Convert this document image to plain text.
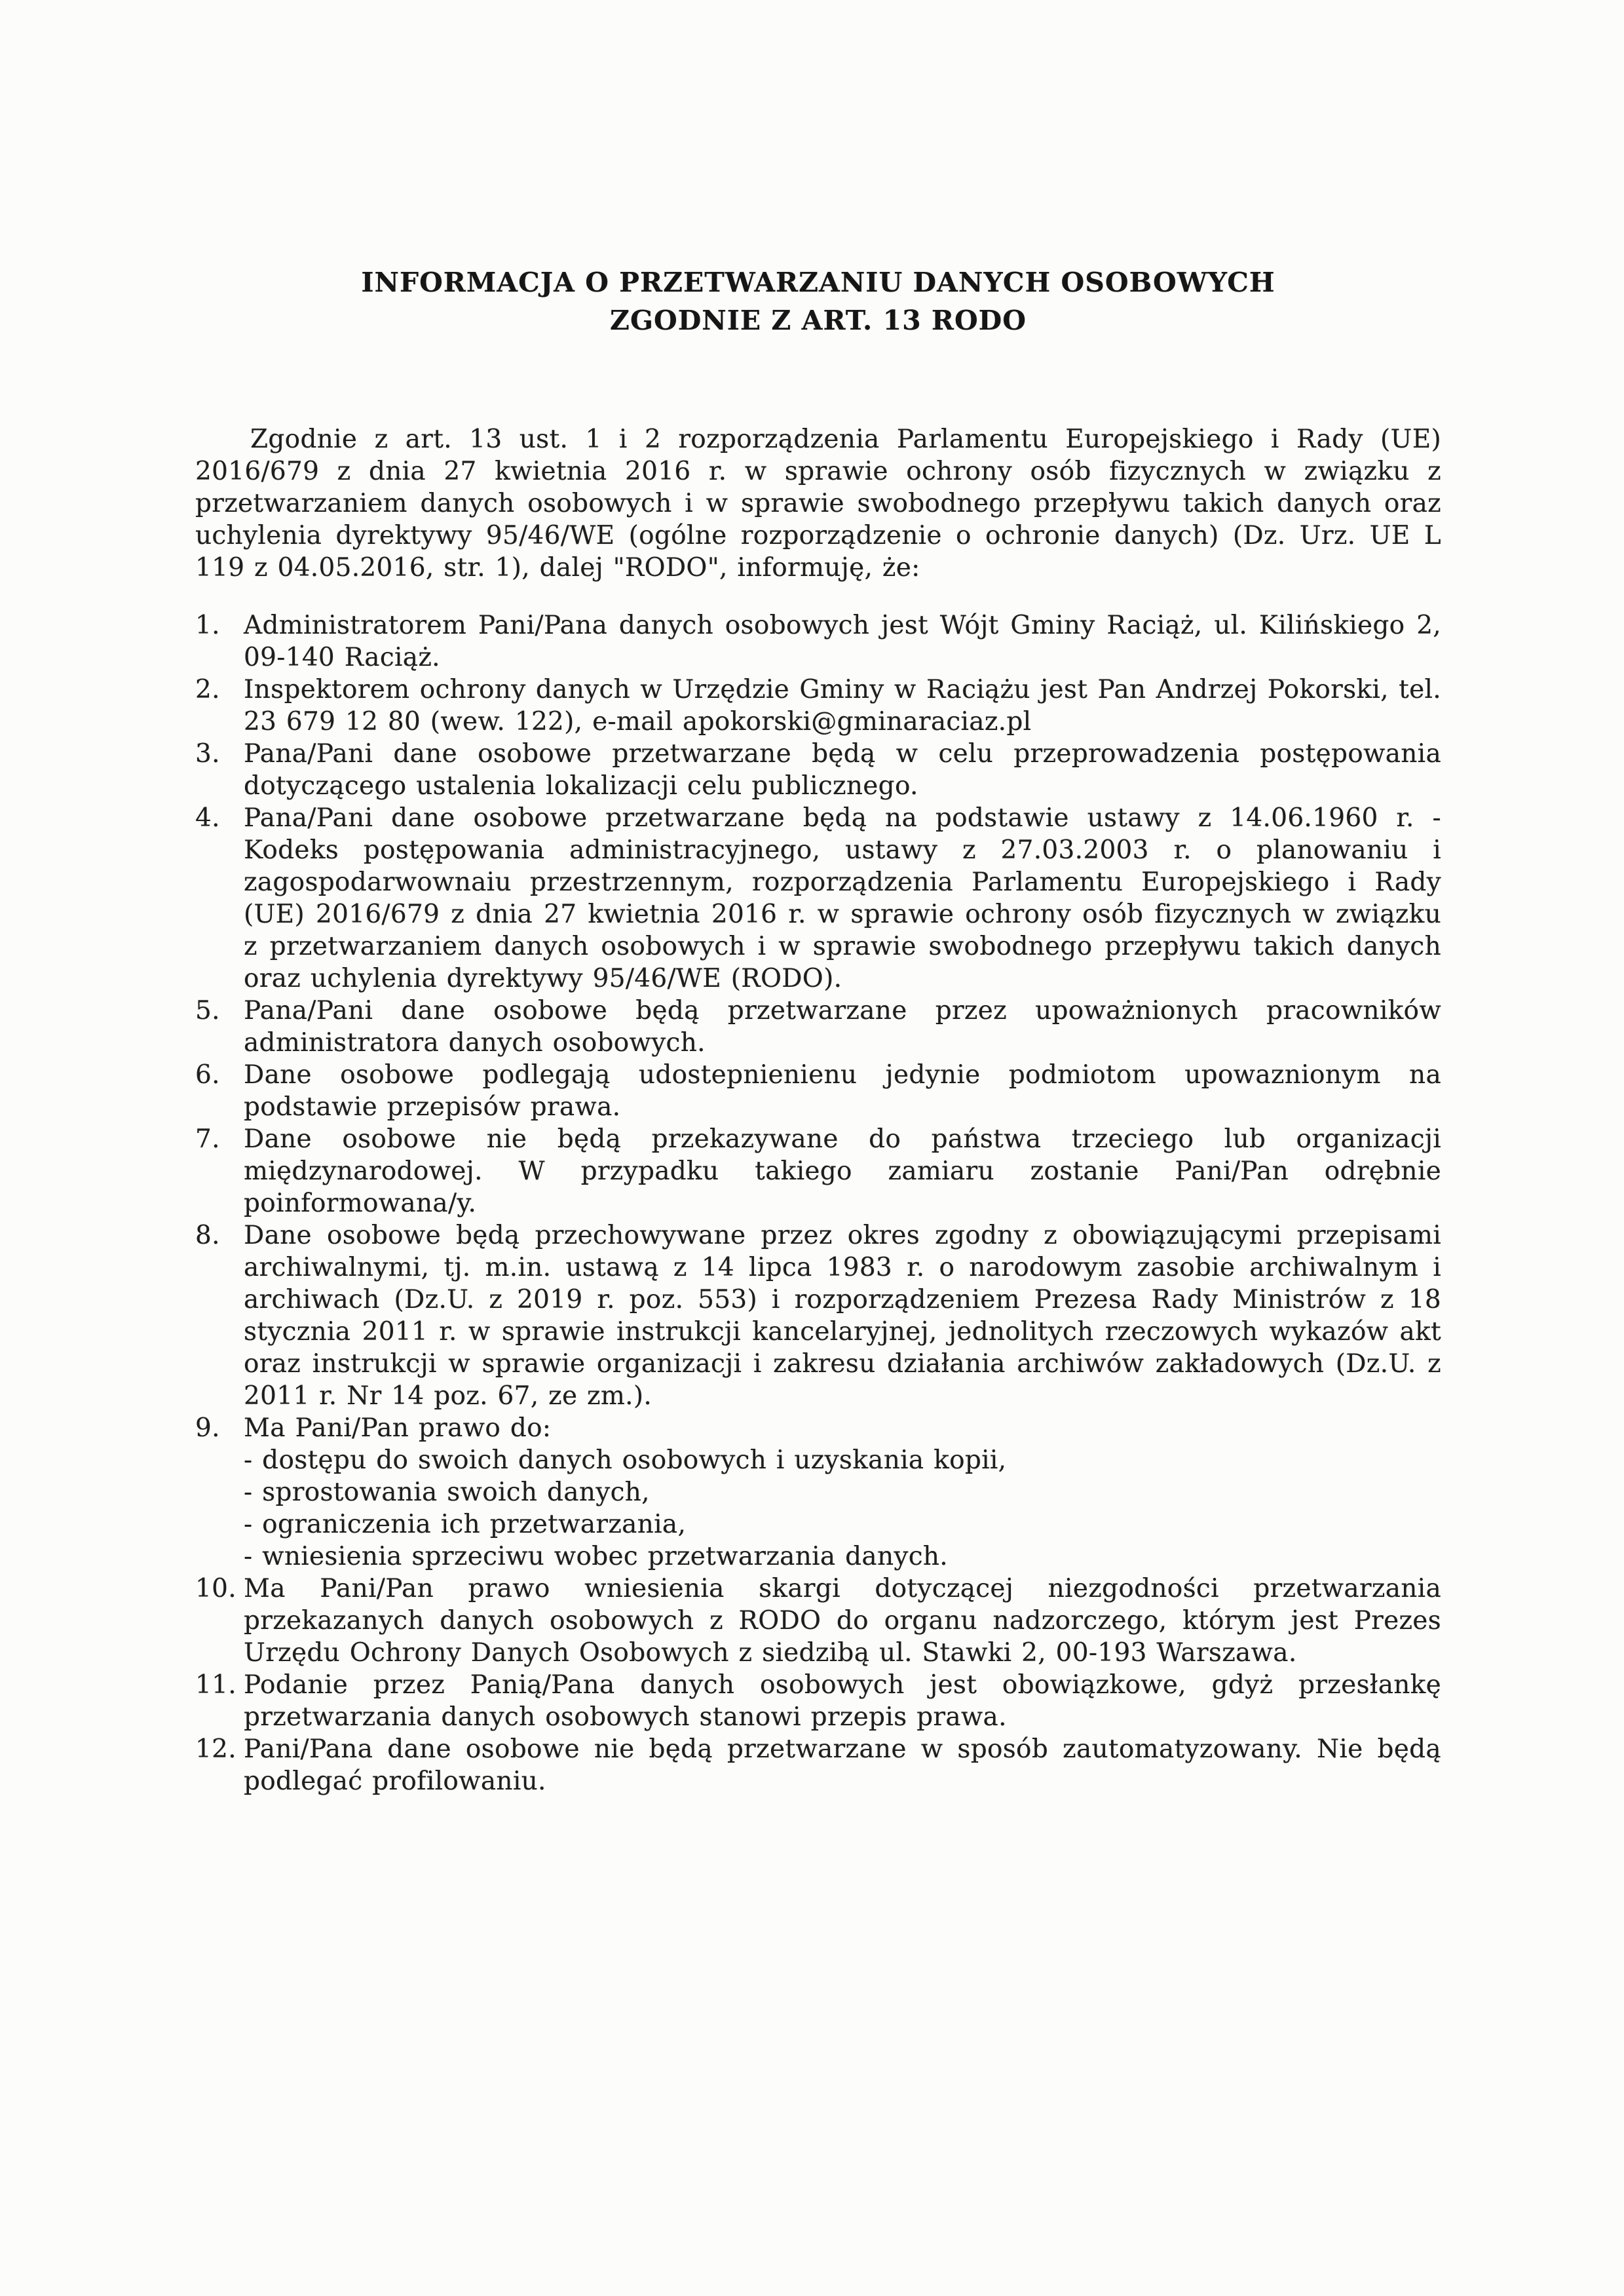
INFORMACJA O PRZETWARZANIU DANYCH OSOBOWYCH
ZGODNIE Z ART. 13 RODO

Zgodnie z art. 13 ust. 1 i 2 rozporządzenia Parlamentu Europejskiego i Rady (UE) 2016/679 z dnia 27 kwietnia 2016 r. w sprawie ochrony osób fizycznych w związku z przetwarzaniem danych osobowych i w sprawie swobodnego przepływu takich danych oraz uchylenia dyrektywy 95/46/WE (ogólne rozporządzenie o ochronie danych) (Dz. Urz. UE L 119 z 04.05.2016, str. 1), dalej "RODO", informuję, że:

1. Administratorem Pani/Pana danych osobowych jest Wójt Gminy Raciąż, ul. Kilińskiego 2, 09-140 Raciąż.
2. Inspektorem ochrony danych w Urzędzie Gminy w Raciążu jest Pan Andrzej Pokorski, tel. 23 679 12 80 (wew. 122), e-mail apokorski@gminaraciaz.pl
3. Pana/Pani dane osobowe przetwarzane będą w celu przeprowadzenia postępowania dotyczącego ustalenia lokalizacji celu publicznego.
4. Pana/Pani dane osobowe przetwarzane będą na podstawie ustawy z 14.06.1960 r. - Kodeks postępowania administracyjnego, ustawy z 27.03.2003 r. o planowaniu i zagospodarwownaiu przestrzennym, rozporządzenia Parlamentu Europejskiego i Rady (UE) 2016/679 z dnia 27 kwietnia 2016 r. w sprawie ochrony osób fizycznych w związku z przetwarzaniem danych osobowych i w sprawie swobodnego przepływu takich danych oraz uchylenia dyrektywy 95/46/WE (RODO).
5. Pana/Pani dane osobowe będą przetwarzane przez upoważnionych pracowników administratora danych osobowych.
6. Dane osobowe podlegają udostepnienienu jedynie podmiotom upowaznionym na podstawie przepisów prawa.
7. Dane osobowe nie będą przekazywane do państwa trzeciego lub organizacji międzynarodowej. W przypadku takiego zamiaru zostanie Pani/Pan odrębnie poinformowana/y.
8. Dane osobowe będą przechowywane przez okres zgodny z obowiązującymi przepisami archiwalnymi, tj. m.in. ustawą z 14 lipca 1983 r. o narodowym zasobie archiwalnym i archiwach (Dz.U. z 2019 r. poz. 553) i rozporządzeniem Prezesa Rady Ministrów z 18 stycznia 2011 r. w sprawie instrukcji kancelaryjnej, jednolitych rzeczowych wykazów akt oraz instrukcji w sprawie organizacji i zakresu działania archiwów zakładowych (Dz.U. z 2011 r. Nr 14 poz. 67, ze zm.).
9. Ma Pani/Pan prawo do:
- dostępu do swoich danych osobowych i uzyskania kopii,
- sprostowania swoich danych,
- ograniczenia ich przetwarzania,
- wniesienia sprzeciwu wobec przetwarzania danych.
10. Ma Pani/Pan prawo wniesienia skargi dotyczącej niezgodności przetwarzania przekazanych danych osobowych z RODO do organu nadzorczego, którym jest Prezes Urzędu Ochrony Danych Osobowych z siedzibą ul. Stawki 2, 00-193 Warszawa.
11. Podanie przez Panią/Pana danych osobowych jest obowiązkowe, gdyż przesłankę przetwarzania danych osobowych stanowi przepis prawa.
12. Pani/Pana dane osobowe nie będą przetwarzane w sposób zautomatyzowany. Nie będą podlegać profilowaniu.
